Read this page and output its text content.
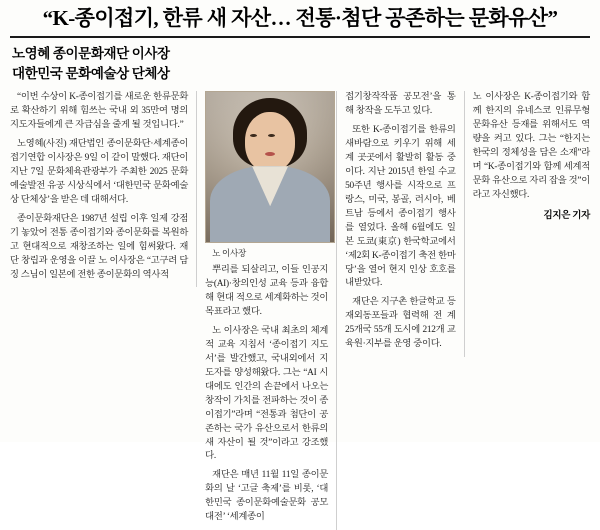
“K-종이접기, 한류 새 자산… 전통·첨단 공존하는 문화유산”
노영혜 종이문화재단 이사장
대한민국 문화예술상 단체상

“이번 수상이 K-종이접기를 새로운 한류문화로 확산하기 위해 힘쓰는 국내 외 35만여 명의 지도자들에게 큰 자급심을 줄게 될 것입니다.”

노영혜(사진) 재단법인 종이문화단·세계종이접기연합 이사장은 9일 이 같이 말했다. 재단이 지난 7일 문화체육관광부가 주최한 2025 문화예술발전 유공 시상식에서 ‘대한민국 문화예술상 단체상’을 받은 데 대해서다.

종이문화재단은 1987년 설립 이후 일제 강점기 놓았어 전통 종이접기와 종이문화를 복원하고 현대적으로 재창조하는 일에 힘써왔다. 재단 창립과 운영을 이끌 노 이사장은 “고구려 담징 스님이 일본에 전한 종이문화의 역사적

노 이사장

뿌리를 되살리고, 이들 인공지능(AI)·창의인성 교육 등과 융합해 현대 적으로 세계화하는 것이 목표라고 했다.

노 이사장은 국내 최초의 체계적 교육 지침서 ‘종이접기 지도서’를 발간했고, 국내외에서 지도자를 양성해왔다. 그는 “AI 시대에도 인간의 손끝에서 나오는 창작이 가치를 전파하는 것이 종이접기”라며 “전통과 첨단이 공존하는 국가 유산으로서 한류의 새 자산이 될 것”이라고 강조했다.

재단은 매년 11월 11일 종이문화의 날 ‘고글 축제’를 비롯, ‘대한민국 종이문화예술문화 공모대전’ ‘세계종이

접기창작작품 공모전’을 통해 창작을 도두고 있다.

또한 K-종이접기를 한류의 새바람으로 키우기 위해 세계 곳곳에서 활발히 활동 중이다. 지난 2015년 한일 수교 50주년 행사를 시작으로 프랑스, 미국, 봉골, 러시아, 베트남 등에서 종이접기 행사를 열었다. 올해 6월에도 일본 도쿄(東京) 한국학교에서 ‘제2회 K-종이접기 축전 한마당’을 열어 현지 인상 호호를 내받았다.

재단은 지구촌 한글학교 등 재외동포들과 협력해 전 계 25개국 55개 도시에 212개 교육원·지부를 운영 중이다.

노 이사장은 K-종이접기와 함께 한지의 유네스코 인류무형문화유산 등재를 위해서도 역량을 켜고 있다. 그는 “한지는 한국의 정체성을 담은 소재”라며 “K-종이접기와 함께 세계적 문화 유산으로 자리 잡을 것”이라고 자신했다.

김지은 기자
